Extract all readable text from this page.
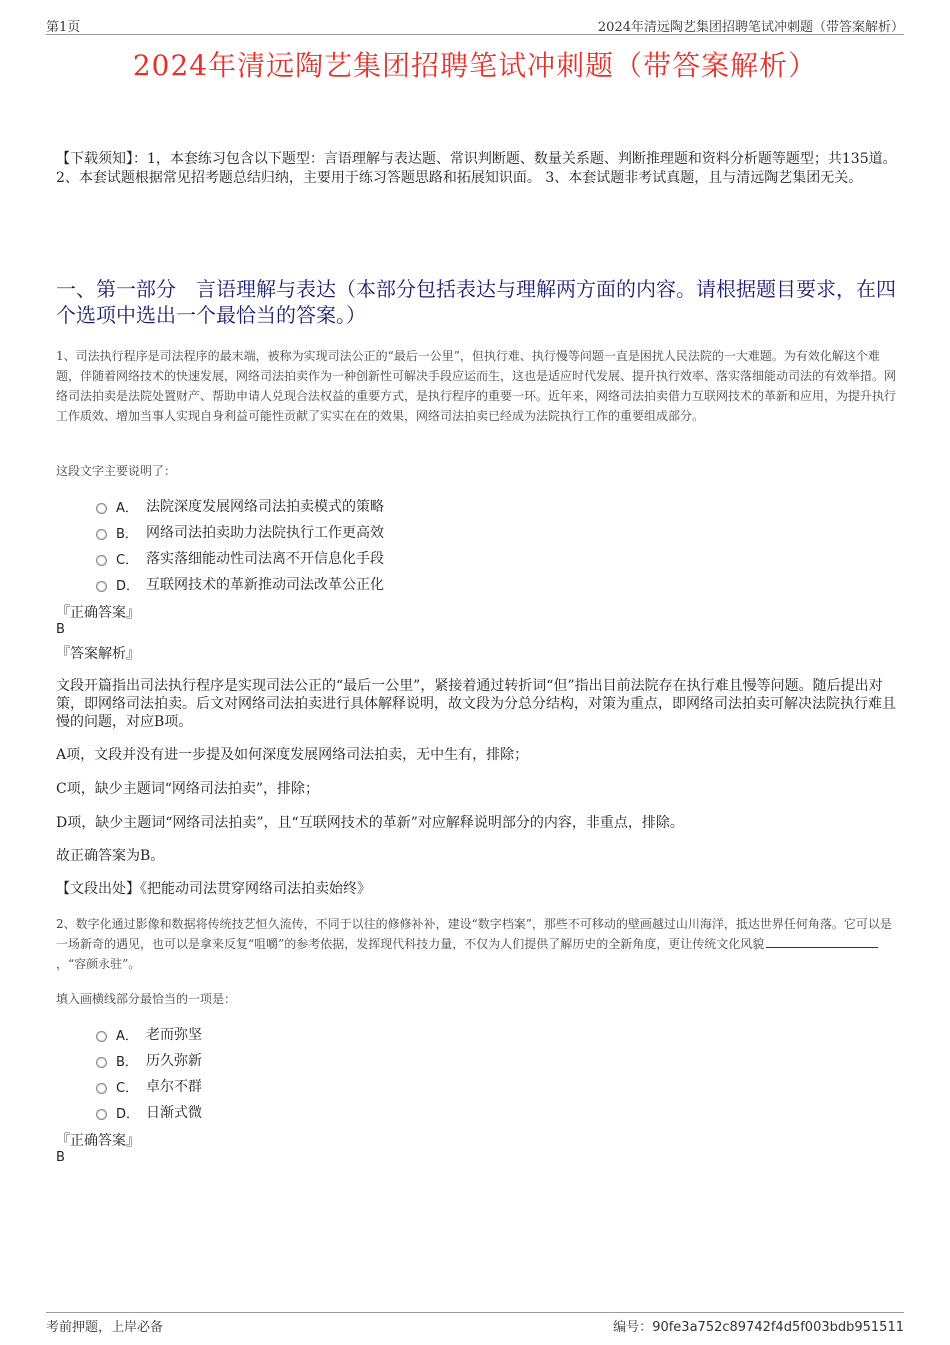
第1页	2024年清远陶艺集团招聘笔试冲刺题（带答案解析）
2024年清远陶艺集团招聘笔试冲刺题（带答案解析）
【下载须知】：1，本套练习包含以下题型：言语理解与表达题、常识判断题、数量关系题、判断推理题和资料分析题等题型；共135道。 2、本套试题根据常见招考题总结归纳，主要用于练习答题思路和拓展知识面。 3、本套试题非考试真题，且与清远陶艺集团无关。
一、第一部分　言语理解与表达（本部分包括表达与理解两方面的内容。请根据题目要求，在四个选项中选出一个最恰当的答案。）
1、司法执行程序是司法程序的最末端，被称为实现司法公正的“最后一公里”，但执行难、执行慢等问题一直是困扰人民法院的一大难题。为有效化解这个难题，伴随着网络技术的快速发展，网络司法拍卖作为一种创新性可解决手段应运而生，这也是适应时代发展、提升执行效率、落实落细能动司法的有效举措。网络司法拍卖是法院处置财产、帮助申请人兑现合法权益的重要方式，是执行程序的重要一环。近年来，网络司法拍卖借力互联网技术的革新和应用，为提升执行工作质效、增加当事人实现自身利益可能性贡献了实实在在的效果，网络司法拍卖已经成为法院执行工作的重要组成部分。
这段文字主要说明了：
A． 法院深度发展网络司法拍卖模式的策略
B． 网络司法拍卖助力法院执行工作更高效
C． 落实落细能动性司法离不开信息化手段
D． 互联网技术的革新推动司法改革公正化
『正确答案』
B
『答案解析』
文段开篇指出司法执行程序是实现司法公正的“最后一公里”，紧接着通过转折词“但”指出目前法院存在执行难且慢等问题。随后提出对策，即网络司法拍卖。后文对网络司法拍卖进行具体解释说明，故文段为分总分结构，对策为重点，即网络司法拍卖可解决法院执行难且慢的问题，对应B项。
A项，文段并没有进一步提及如何深度发展网络司法拍卖，无中生有，排除；
C项，缺少主题词“网络司法拍卖”，排除；
D项，缺少主题词“网络司法拍卖”，且“互联网技术的革新”对应解释说明部分的内容，非重点，排除。
故正确答案为B。
【文段出处】《把能动司法贯穿网络司法拍卖始终》
2、数字化通过影像和数据将传统技艺恒久流传，不同于以往的修修补补，建设“数字档案”，那些不可移动的壁画越过山川海洋，抵达世界任何角落。它可以是一场新奇的遇见，也可以是拿来反复“咀嚼”的参考依据，发挥现代科技力量，不仅为人们提供了解历史的全新角度，更让传统文化风貌，“容颜永驻”。
填入画横线部分最恰当的一项是：
A． 老而弥坚
B． 历久弥新
C． 卓尔不群
D． 日渐式微
『正确答案』
B
考前押题，上岸必备	编号：90fe3a752c89742f4d5f003bdb951511
